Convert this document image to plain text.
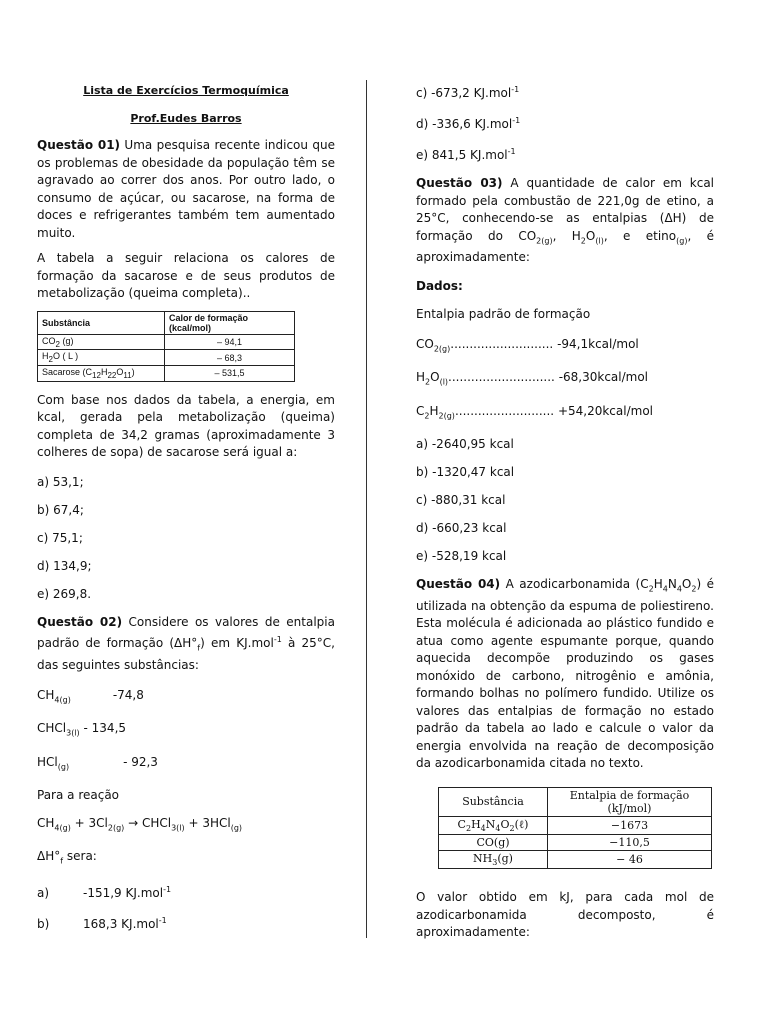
Lista de Exercícios Termoquímica

Prof.Eudes Barros

Questão 01) Uma pesquisa recente indicou que os problemas de obesidade da população têm se agravado ao correr dos anos. Por outro lado, o consumo de açúcar, ou sacarose, na forma de doces e refrigerantes também tem aumentado muito.

A tabela a seguir relaciona os calores de formação da sacarose e de seus produtos de metabolização (queima completa)..

Substância	Calor de formação (kcal/mol)
$CO_2$ (g)	– 94,1
$H_2O$ ( L )	– 68,3
Sacarose $(C_{12}H_{22}O_{11})$	– 531,5

Com base nos dados da tabela, a energia, em kcal, gerada pela metabolização (queima) completa de 34,2 gramas (aproximadamente 3 colheres de sopa) de sacarose será igual a:

a) 53,1;

b) 67,4;

c) 75,1;

d) 134,9;

e) 269,8.

Questão 02) Considere os valores de entalpia padrão de formação $(\Delta H^\circ_f)$ em KJ.mol$^{-1}$ à 25°C, das seguintes substâncias:

$CH_{4(g)}$	-74,8

CHCl$_{3(l)}$ - 134,5

HCl$_{(g)}$	- 92,3

Para a reação

$CH_{4(g)} + 3Cl_{2(g)}$ → CHCl$_{3(l)}$ + 3HCl$_{(g)}$

$\Delta H^\circ_f$ sera:

a)	-151,9 KJ.mol$^{-1}$

b)	168,3 KJ.mol$^{-1}$

c) -673,2 KJ.mol$^{-1}$

d) -336,6 KJ.mol$^{-1}$

e) 841,5 KJ.mol$^{-1}$

Questão 03) A quantidade de calor em kcal formado pela combustão de 221,0g de etino, a 25°C, conhecendo-se as entalpias (ΔH) de formação do $CO_{2(g)}$, $H_2O_{(l)}$, e etino$_{(g)}$, é aproximadamente:

Dados:

Entalpia padrão de formação

$CO_{2(g)}$........................... -94,1kcal/mol

$H_2O_{(l)}$............................ -68,30kcal/mol

$C_2H_{2(g)}$.......................... +54,20kcal/mol

a) -2640,95 kcal

b) -1320,47 kcal

c) -880,31 kcal

d) -660,23 kcal

e) -528,19 kcal

Questão 04) A azodicarbonamida $(C_2H_4N_4O_2)$ é utilizada na obtenção da espuma de poliestireno. Esta molécula é adicionada ao plástico fundido e atua como agente espumante porque, quando aquecida decompõe produzindo os gases monóxido de carbono, nitrogênio e amônia, formando bolhas no polímero fundido. Utilize os valores das entalpias de formação no estado padrão da tabela ao lado e calcule o valor da energia envolvida na reação de decomposição da azodicarbonamida citada no texto.

Substância	Entalpia de formação (kJ/mol)
$C_2H_4N_4O_2(\ell)$	−1673
CO(g)	−110,5
$NH_3(g)$	− 46

O valor obtido em kJ, para cada mol de azodicarbonamida decomposto, é aproximadamente:
